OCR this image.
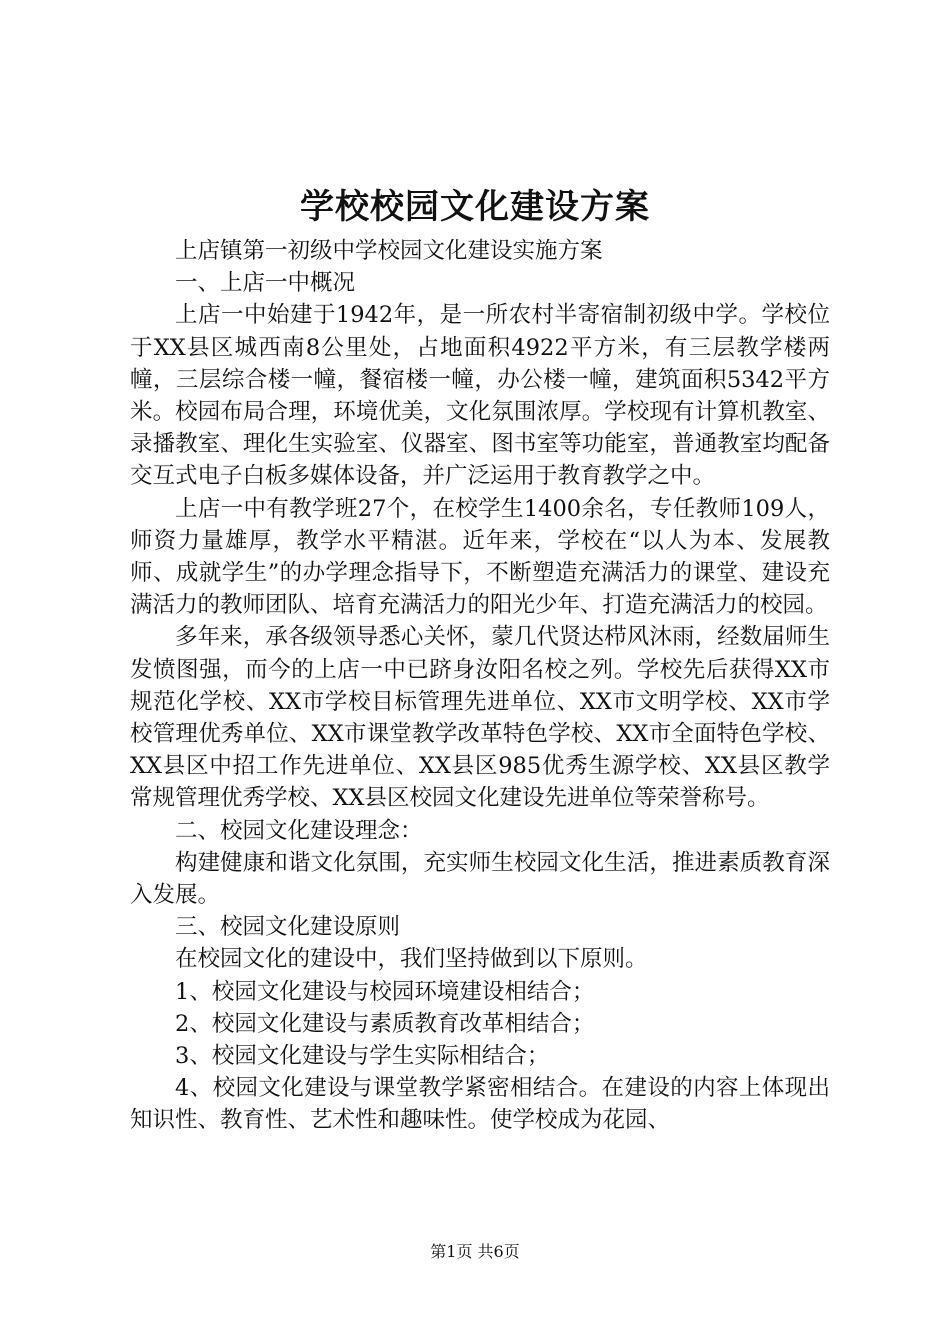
学校校园文化建设方案

上店镇第一初级中学校园文化建设实施方案

一、上店一中概况

上店一中始建于1942年，是一所农村半寄宿制初级中学。学校位于XX县区城西南8公里处，占地面积4922平方米，有三层教学楼两幢，三层综合楼一幢，餐宿楼一幢，办公楼一幢，建筑面积5342平方米。校园布局合理，环境优美，文化氛围浓厚。学校现有计算机教室、录播教室、理化生实验室、仪器室、图书室等功能室，普通教室均配备交互式电子白板多媒体设备，并广泛运用于教育教学之中。

上店一中有教学班27个，在校学生1400余名，专任教师109人，师资力量雄厚，教学水平精湛。近年来，学校在“以人为本、发展教师、成就学生”的办学理念指导下，不断塑造充满活力的课堂、建设充满活力的教师团队、培育充满活力的阳光少年、打造充满活力的校园。

多年来，承各级领导悉心关怀，蒙几代贤达栉风沐雨，经数届师生发愤图强，而今的上店一中已跻身汝阳名校之列。学校先后获得XX市规范化学校、XX市学校目标管理先进单位、XX市文明学校、XX市学校管理优秀单位、XX市课堂教学改革特色学校、XX市全面特色学校、XX县区中招工作先进单位、XX县区985优秀生源学校、XX县区教学常规管理优秀学校、XX县区校园文化建设先进单位等荣誉称号。

二、校园文化建设理念：

构建健康和谐文化氛围，充实师生校园文化生活，推进素质教育深入发展。

三、校园文化建设原则

在校园文化的建设中，我们坚持做到以下原则。

1、校园文化建设与校园环境建设相结合；

2、校园文化建设与素质教育改革相结合；

3、校园文化建设与学生实际相结合；

4、校园文化建设与课堂教学紧密相结合。在建设的内容上体现出知识性、教育性、艺术性和趣味性。使学校成为花园、

第1页 共6页
